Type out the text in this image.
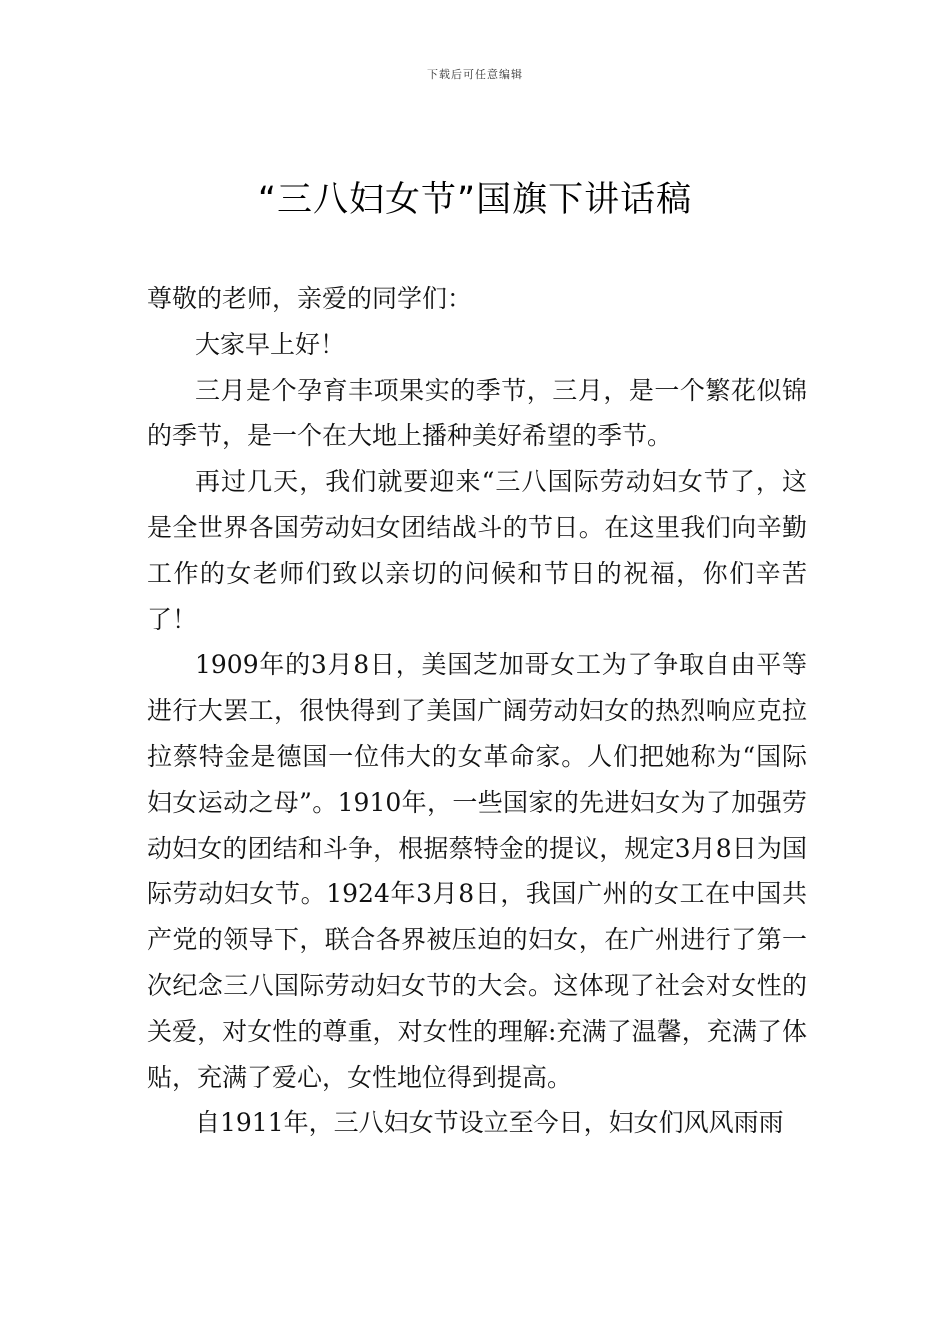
下载后可任意编辑
“三八妇女节”国旗下讲话稿

尊敬的老师，亲爱的同学们：

大家早上好！

三月是个孕育丰项果实的季节，三月，是一个繁花似锦的季节，是一个在大地上播种美好希望的季节。

再过几天，我们就要迎来“三八国际劳动妇女节了，这是全世界各国劳动妇女团结战斗的节日。在这里我们向辛勤工作的女老师们致以亲切的问候和节日的祝福，你们辛苦了！

1909年的3月8日，美国芝加哥女工为了争取自由平等进行大罢工，很快得到了美国广阔劳动妇女的热烈响应克拉拉蔡特金是德国一位伟大的女革命家。人们把她称为“国际妇女运动之母”。1910年，一些国家的先进妇女为了加强劳动妇女的团结和斗争，根据蔡特金的提议，规定3月8日为国际劳动妇女节。1924年3月8日，我国广州的女工在中国共产党的领导下，联合各界被压迫的妇女，在广州进行了第一次纪念三八国际劳动妇女节的大会。这体现了社会对女性的关爱，对女性的尊重，对女性的理解:充满了温馨，充满了体贴，充满了爱心，女性地位得到提高。

自1911年，三八妇女节设立至今日，妇女们风风雨雨
